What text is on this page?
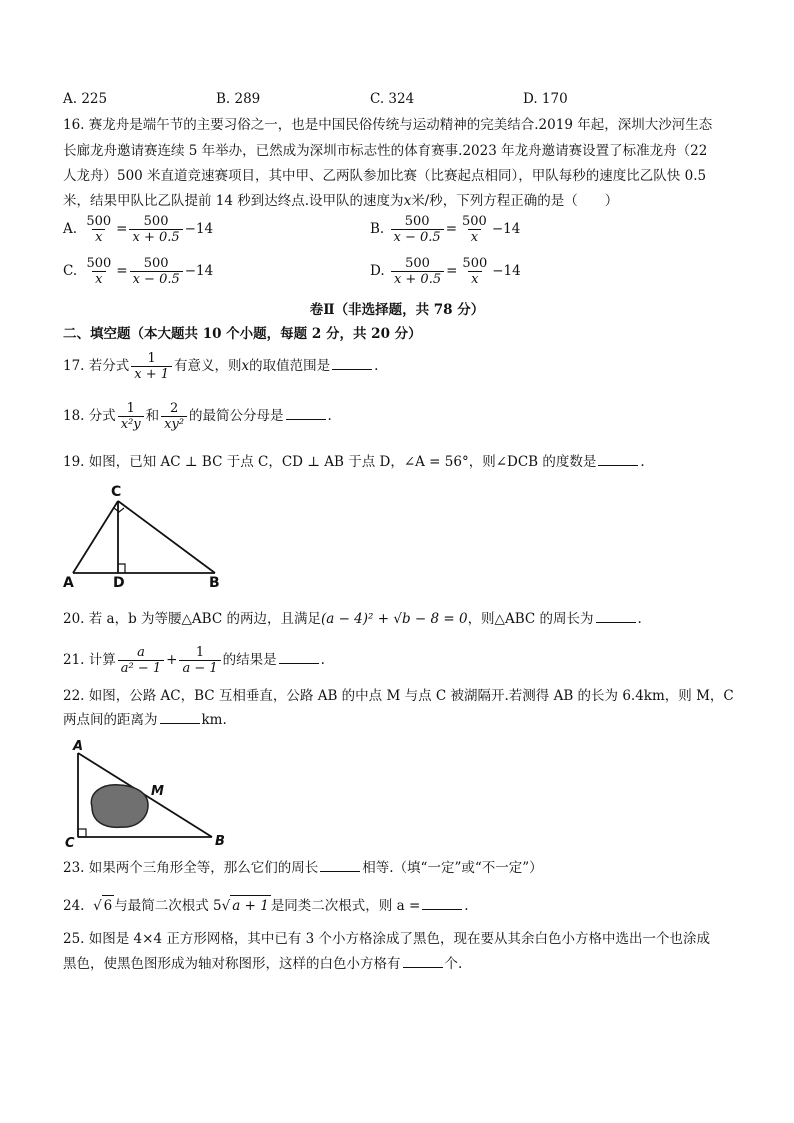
A. 225	B. 289	C. 324	D. 170
16. 赛龙舟是端午节的主要习俗之一，也是中国民俗传统与运动精神的完美结合.2019 年起，深圳大沙河生态
长廊龙舟邀请赛连续 5 年举办，已然成为深圳市标志性的体育赛事.2023 年龙舟邀请赛设置了标准龙舟（22
人龙舟）500 米直道竞速赛项目，其中甲、乙两队参加比赛（比赛起点相同），甲队每秒的速度比乙队快 0.5
米，结果甲队比乙队提前 14 秒到达终点.设甲队的速度为x米/秒，下列方程正确的是（　　）
A. $\frac{500}{x} = \frac{500}{x + 0.5} -14$	B. $\frac{500}{x - 0.5} = \frac{500}{x} -14$
C. $\frac{500}{x} = \frac{500}{x - 0.5} -14$	D. $\frac{500}{x + 0.5} = \frac{500}{x} -14$
卷Ⅱ（非选择题，共 78 分）
二、填空题（本大题共 10 个小题，每题 2 分，共 20 分）
17. 若分式 $\frac{1}{x + 1}$ 有意义，则x的取值范围是	.
18. 分式 $\frac{1}{\text{x²y}}$ 和 $\frac{2}{\text{xy²}}$ 的最简公分母是	.
19. 如图，已知 AC ⊥ BC 于点 C，CD ⊥ AB 于点 D，∠A = 56°，则∠DCB 的度数是	.
C
A	D	B
20. 若 a，b 为等腰△ABC 的两边，且满足(a − 4)² + √b − 8 = 0，则△ABC 的周长为	.
21. 计算 $\frac{a}{\text{a² − 1}} + \frac{1}{a - 1}$ 的结果是	.
22. 如图，公路 AC，BC 互相垂直，公路 AB 的中点 M 与点 C 被湖隔开.若测得 AB 的长为 6.4km，则 M，C
两点间的距离为	km.
A
M
C	B
23. 如果两个三角形全等，那么它们的周长	相等.（填“一定”或“不一定”）
24.  √ 6 与最简二次根式 5√ a + 1 是同类二次根式，则 a =	.
25. 如图是 4×4 正方形网格，其中已有 3 个小方格涂成了黑色，现在要从其余白色小方格中选出一个也涂成
黑色，使黑色图形成为轴对称图形，这样的白色小方格有	个.
